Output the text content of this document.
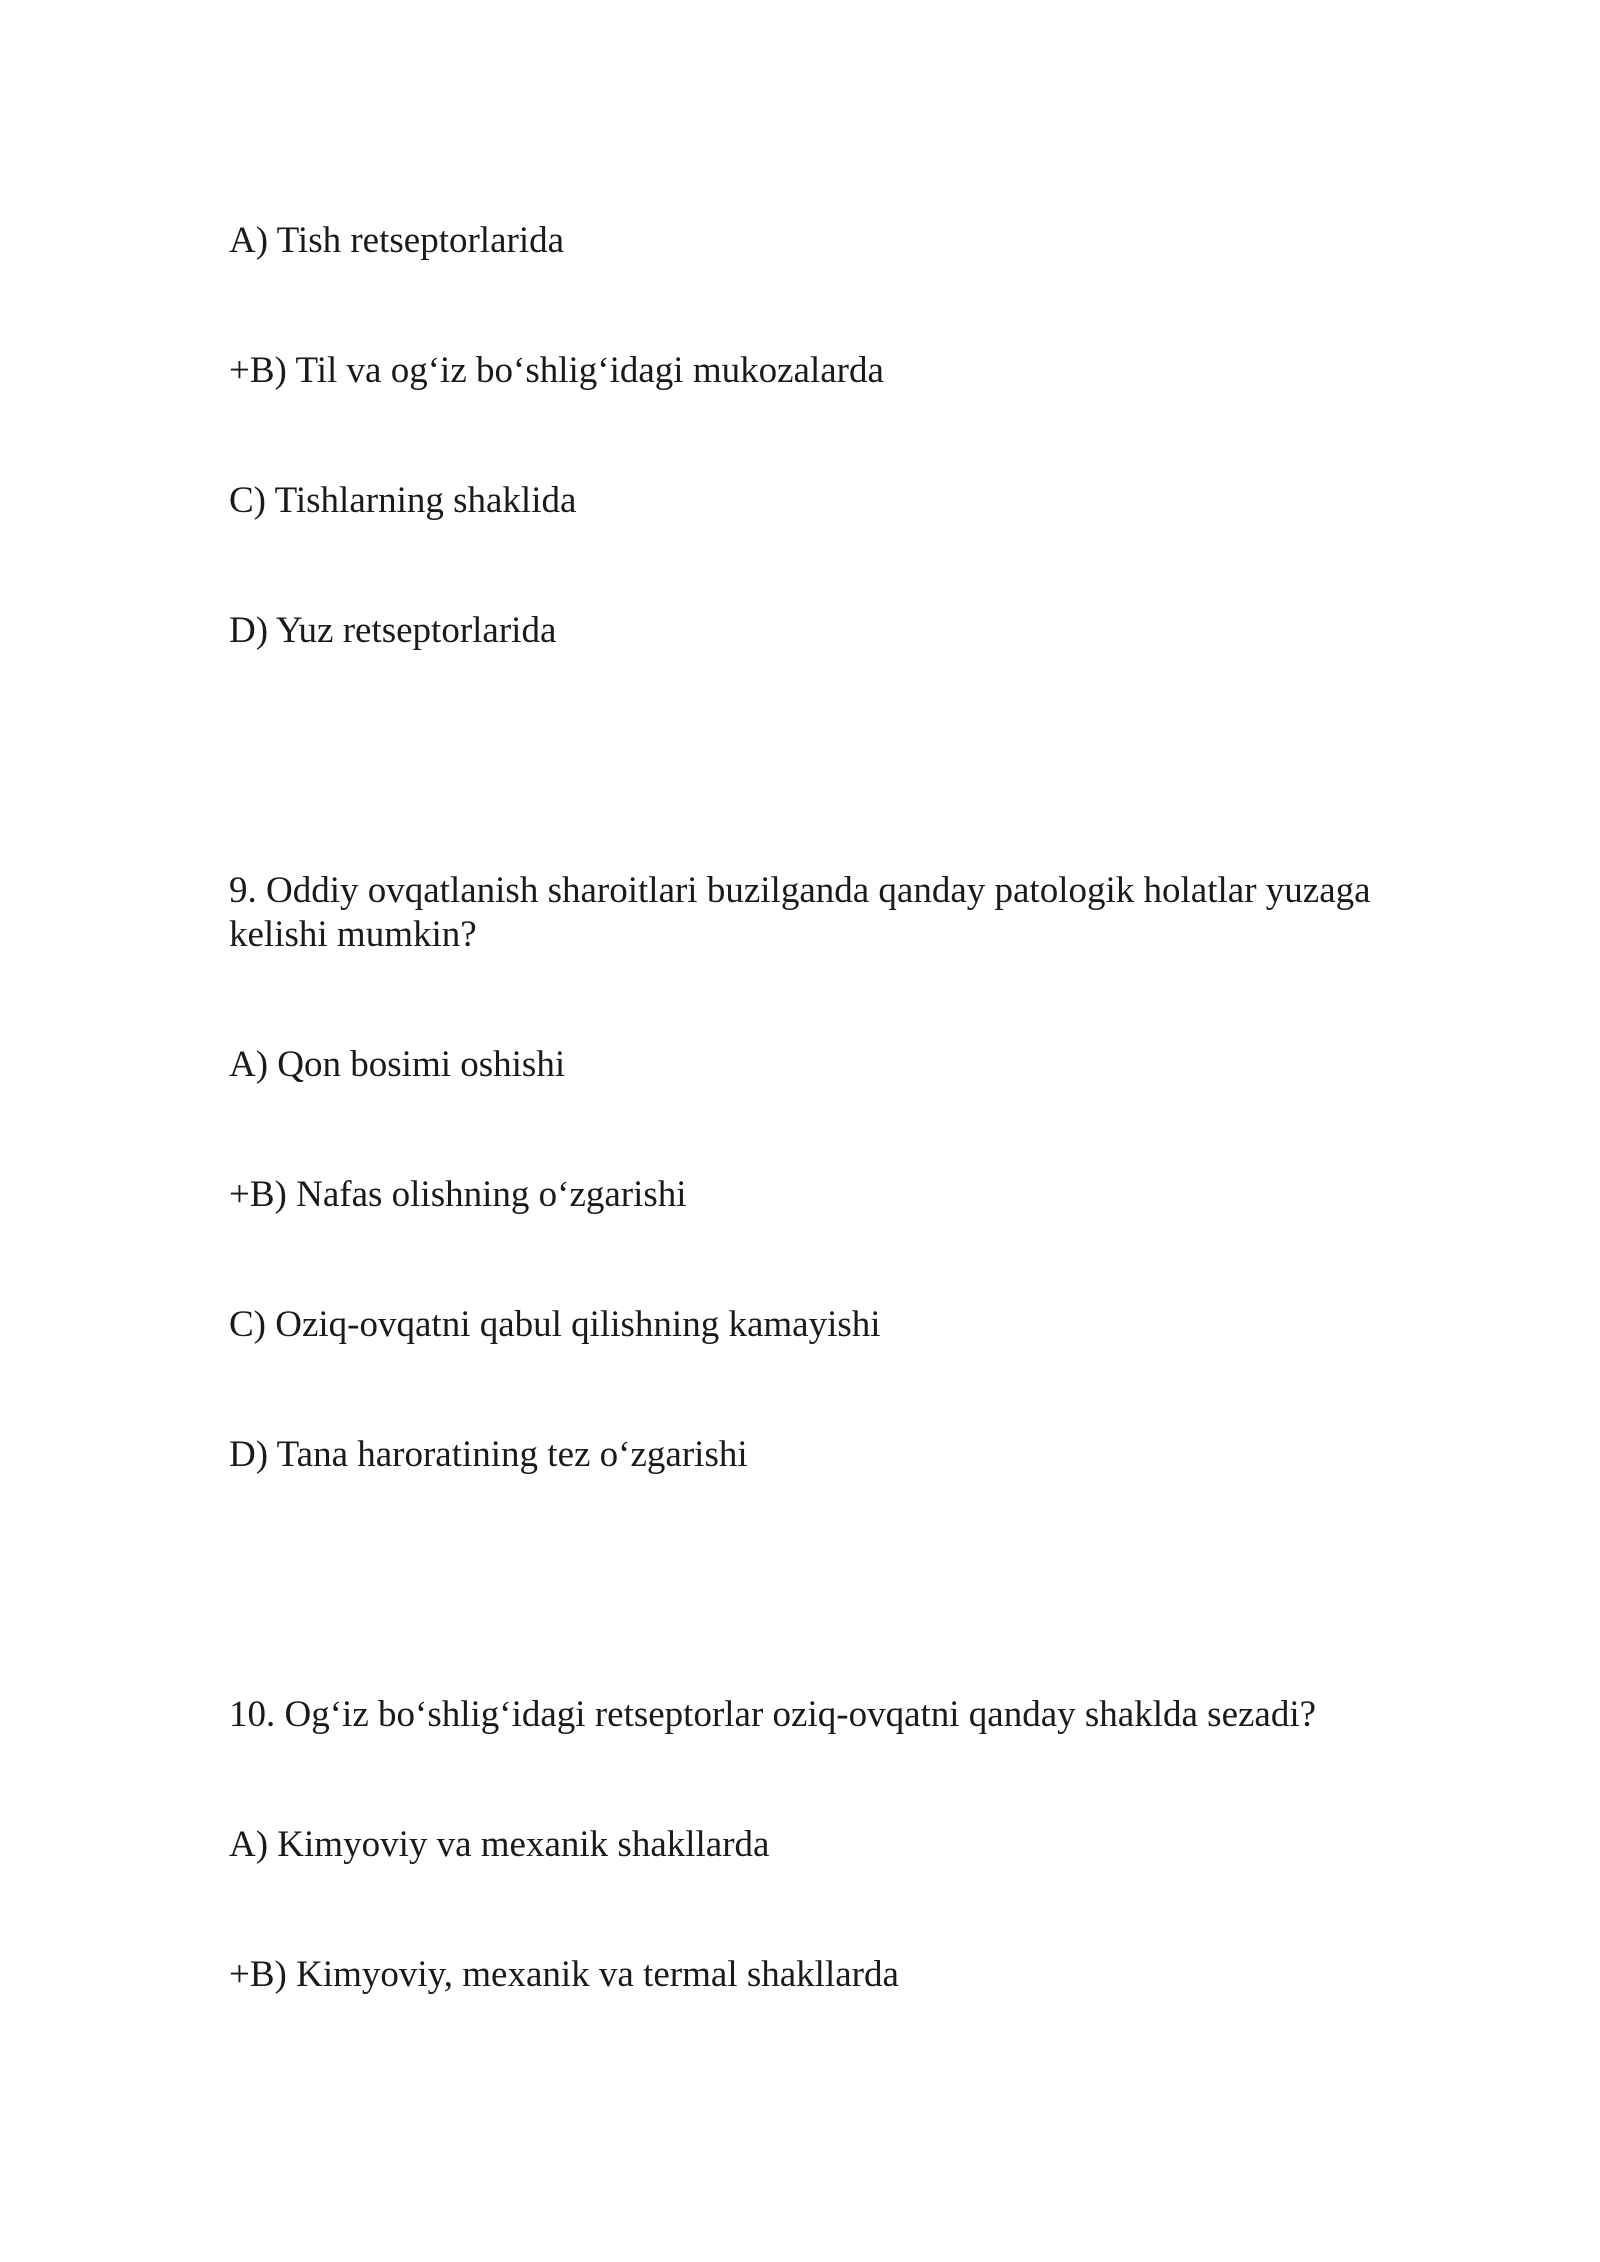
A) Tish retseptorlarida
+B) Til va og‘iz bo‘shlig‘idagi mukozalarda
C) Tishlarning shaklida
D) Yuz retseptorlarida
9. Oddiy ovqatlanish sharoitlari buzilganda qanday patologik holatlar yuzaga
kelishi mumkin?
A) Qon bosimi oshishi
+B) Nafas olishning o‘zgarishi
C) Oziq-ovqatni qabul qilishning kamayishi
D) Tana haroratining tez o‘zgarishi
10. Og‘iz bo‘shlig‘idagi retseptorlar oziq-ovqatni qanday shaklda sezadi?
A) Kimyoviy va mexanik shakllarda
+B) Kimyoviy, mexanik va termal shakllarda
